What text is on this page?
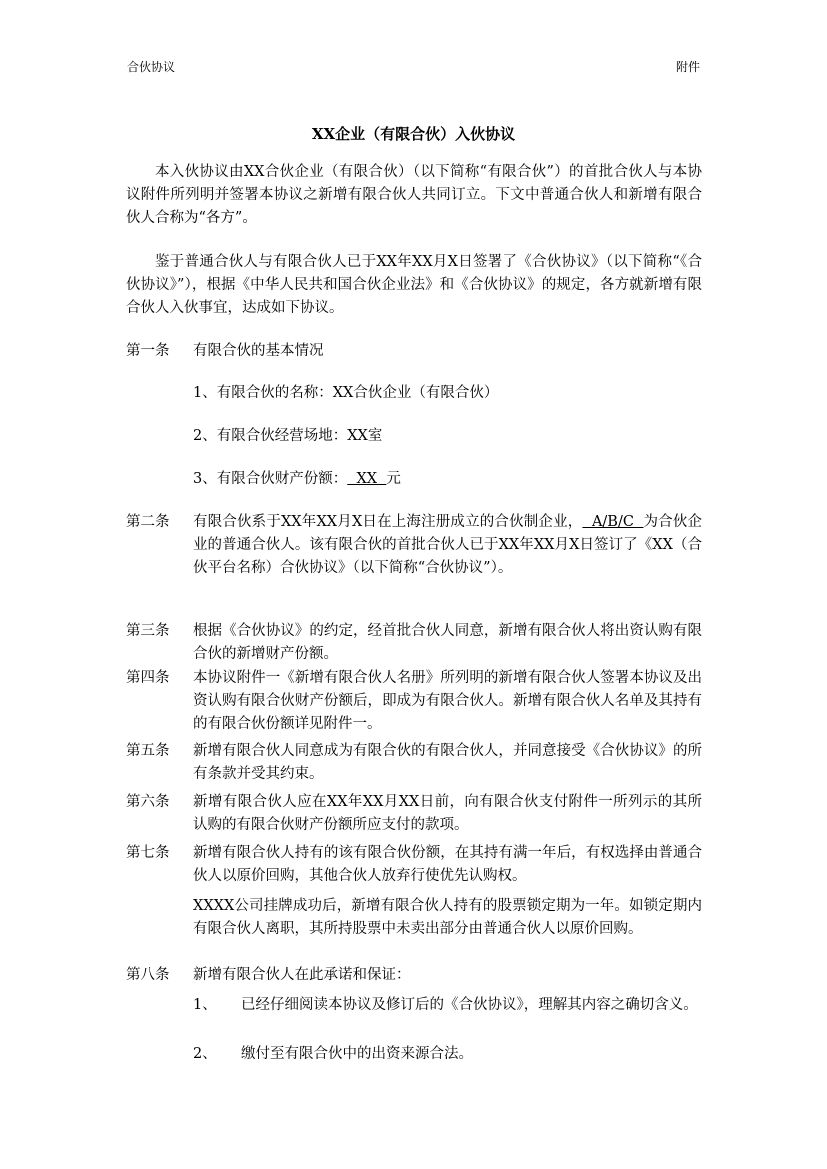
合伙协议	附件
XX企业（有限合伙）入伙协议

本入伙协议由XX合伙企业（有限合伙）（以下简称“有限合伙”）的首批合伙人与本协议附件所列明并签署本协议之新增有限合伙人共同订立。下文中普通合伙人和新增有限合伙人合称为“各方”。

鉴于普通合伙人与有限合伙人已于XX年XX月X日签署了《合伙协议》（以下简称“《合伙协议》”），根据《中华人民共和国合伙企业法》和《合伙协议》的规定，各方就新增有限合伙人入伙事宜，达成如下协议。

第一条 有限合伙的基本情况
1、有限合伙的名称：XX合伙企业（有限合伙）
2、有限合伙经营场地：XX室
3、有限合伙财产份额：  XX  元
第二条 有限合伙系于XX年XX月X日在上海注册成立的合伙制企业，  A/B/C  为合伙企业的普通合伙人。该有限合伙的首批合伙人已于XX年XX月X日签订了《XX（合伙平台名称）合伙协议》（以下简称“合伙协议”）。
第三条 根据《合伙协议》的约定，经首批合伙人同意，新增有限合伙人将出资认购有限合伙的新增财产份额。
第四条 本协议附件一《新增有限合伙人名册》所列明的新增有限合伙人签署本协议及出资认购有限合伙财产份额后，即成为有限合伙人。新增有限合伙人名单及其持有的有限合伙份额详见附件一。
第五条 新增有限合伙人同意成为有限合伙的有限合伙人，并同意接受《合伙协议》的所有条款并受其约束。
第六条 新增有限合伙人应在XX年XX月XX日前，向有限合伙支付附件一所列示的其所认购的有限合伙财产份额所应支付的款项。
第七条 新增有限合伙人持有的该有限合伙份额，在其持有满一年后，有权选择由普通合伙人以原价回购，其他合伙人放弃行使优先认购权。
XXXX公司挂牌成功后，新增有限合伙人持有的股票锁定期为一年。如锁定期内有限合伙人离职，其所持股票中未卖出部分由普通合伙人以原价回购。
第八条 新增有限合伙人在此承诺和保证：
1、 已经仔细阅读本协议及修订后的《合伙协议》，理解其内容之确切含义。
2、 缴付至有限合伙中的出资来源合法。
